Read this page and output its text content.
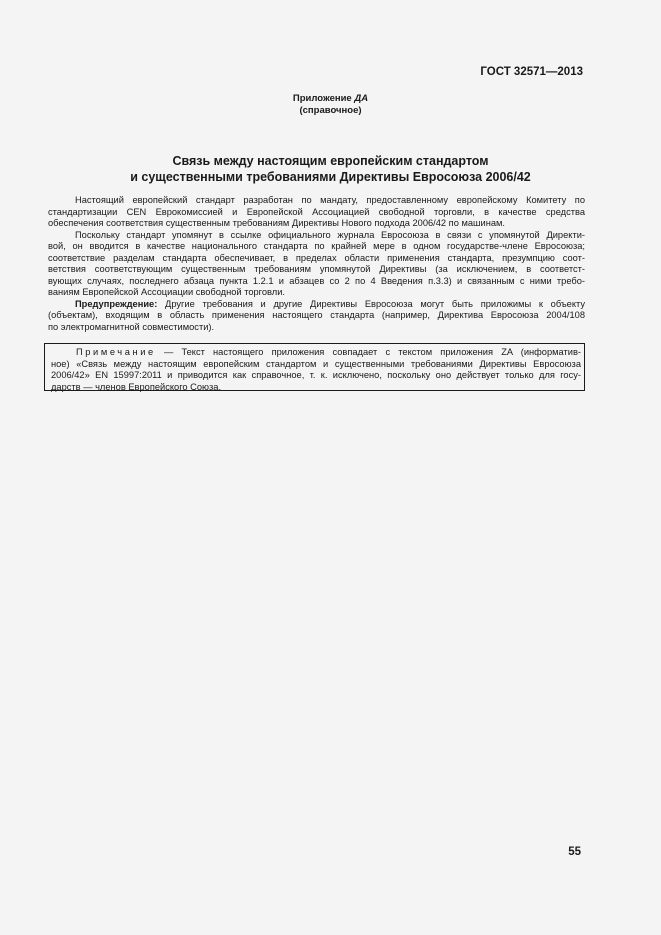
ГОСТ 32571—2013
Приложение ДА
(справочное)
Связь между настоящим европейским стандартом
и существенными требованиями Директивы Евросоюза 2006/42

Настоящий европейский стандарт разработан по мандату, предоставленному европейскому Комитету по
стандартизации CEN Еврокомиссией и Европейской Ассоциацией свободной торговли, в качестве средства
обеспечения соответствия существенным требованиям Директивы Нового подхода 2006/42 по машинам.

Поскольку стандарт упомянут в ссылке официального журнала Евросоюза в связи с упомянутой Директи-
вой, он вводится в качестве национального стандарта по крайней мере в одном государстве-члене Евросоюза;
соответствие разделам стандарта обеспечивает, в пределах области применения стандарта, презумпцию соот-
ветствия соответствующим существенным требованиям упомянутой Директивы (за исключением, в соответст-
вующих случаях, последнего абзаца пункта 1.2.1 и абзацев со 2 по 4 Введения п.3.3) и связанным с ними требо-
ваниям Европейской Ассоциации свободной торговли.

Предупреждение: Другие требования и другие Директивы Евросоюза могут быть приложимы к объекту
(объектам), входящим в область применения настоящего стандарта (например, Директива Евросоюза 2004/108
по электромагнитной совместимости).

Примечание — Текст настоящего приложения совпадает с текстом приложения ZA (информатив-
ное) «Связь между настоящим европейским стандартом и существенными требованиями Директивы Евросоюза
2006/42» EN 15997:2011 и приводится как справочное, т. к. исключено, поскольку оно действует только для госу-
дарств — членов Европейского Союза.
55
